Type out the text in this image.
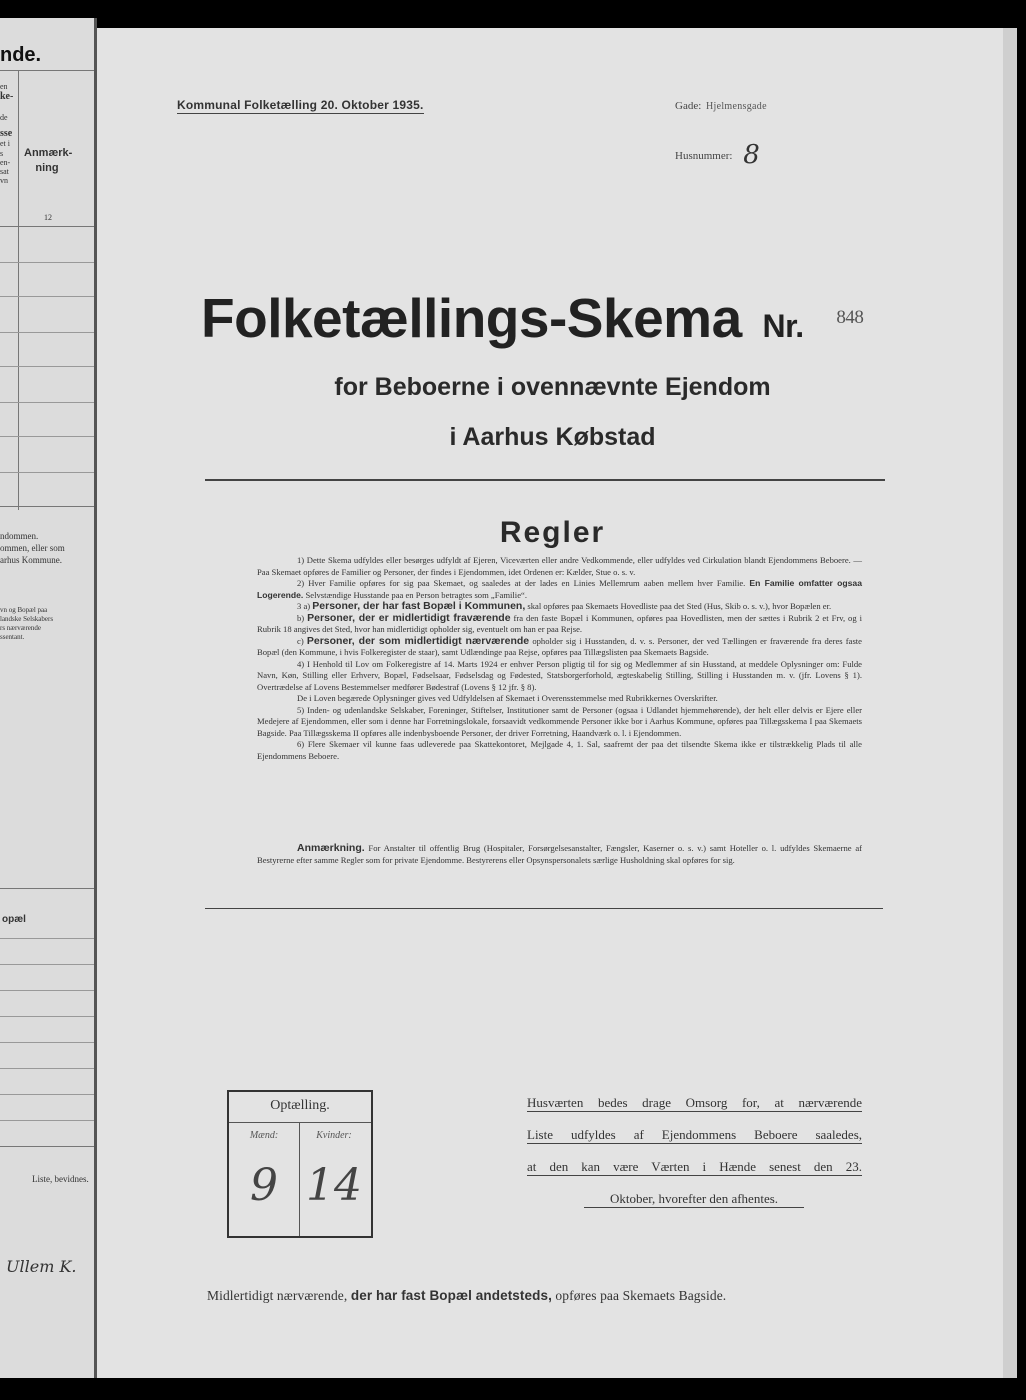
nde.
en
ke-
de
sse
et i
s
en-
sat
vn
Anmærk-ning
12
ndommen.
ommen, eller som
arhus Kommune.
vn og Bopæl paa
landske Selskabers
rs nærværende
ssentant.
opæl
Liste, bevidnes.
Ullem K.
Kommunal Folketælling 20. Oktober 1935.	Gade: Hjelmensgade
Husnummer: 8
Folketællings-Skema Nr. $^{848}$
for Beboerne i ovennævnte Ejendom
i Aarhus Købstad
Regler

1) Dette Skema udfyldes eller besørges udfyldt af Ejeren, Viceværten eller andre Vedkommende, eller udfyldes ved Cirkulation blandt Ejendommens Beboere. — Paa Skemaet opføres de Familier og Personer, der findes i Ejendommen, idet Ordenen er: Kælder, Stue o. s. v.

2) Hver Familie opføres for sig paa Skemaet, og saaledes at der lades en Linies Mellemrum aaben mellem hver Familie. En Familie omfatter ogsaa Logerende. Selvstændige Husstande paa en Person betragtes som „Familie“.

3 a) Personer, der har fast Bopæl i Kommunen, skal opføres paa Skemaets Hovedliste paa det Sted (Hus, Skib o. s. v.), hvor Bopælen er.

b) Personer, der er midlertidigt fraværende fra den faste Bopæl i Kommunen, opføres paa Hovedlisten, men der sættes i Rubrik 2 et Frv, og i Rubrik 18 angives det Sted, hvor han midlertidigt opholder sig, eventuelt om han er paa Rejse.

c) Personer, der som midlertidigt nærværende opholder sig i Husstanden, d. v. s. Personer, der ved Tællingen er fraværende fra deres faste Bopæl (den Kommune, i hvis Folkeregister de staar), samt Udlændinge paa Rejse, opføres paa Tillægslisten paa Skemaets Bagside.

4) I Henhold til Lov om Folkeregistre af 14. Marts 1924 er enhver Person pligtig til for sig og Medlemmer af sin Husstand, at meddele Oplysninger om: Fulde Navn, Køn, Stilling eller Erhverv, Bopæl, Fødselsaar, Fødselsdag og Fødested, Statsborgerforhold, ægteskabelig Stilling, Stilling i Husstanden m. v. (jfr. Lovens § 1). Overtrædelse af Lovens Bestemmelser medfører Bødestraf (Lovens § 12 jfr. § 8).

De i Loven begærede Oplysninger gives ved Udfyldelsen af Skemaet i Overensstemmelse med Rubrikkernes Overskrifter.

5) Inden- og udenlandske Selskaber, Foreninger, Stiftelser, Institutioner samt de Personer (ogsaa i Udlandet hjemmehørende), der helt eller delvis er Ejere eller Medejere af Ejendommen, eller som i denne har Forretningslokale, forsaavidt vedkommende Personer ikke bor i Aarhus Kommune, opføres paa Tillægsskema I paa Skemaets Bagside. Paa Tillægsskema II opføres alle indenbysboende Personer, der driver Forretning, Haandværk o. l. i Ejendommen.

6) Flere Skemaer vil kunne faas udleverede paa Skattekontoret, Mejlgade 4, 1. Sal, saafremt der paa det tilsendte Skema ikke er tilstrækkelig Plads til alle Ejendommens Beboere.

Anmærkning. For Anstalter til offentlig Brug (Hospitaler, Forsørgelsesanstalter, Fængsler, Kaserner o. s. v.) samt Hoteller o. l. udfyldes Skemaerne af Bestyrerne efter samme Regler som for private Ejendomme. Bestyrerens eller Opsynspersonalets særlige Husholdning skal opføres for sig.
Optælling.
Mænd:	Kvinder:
9 14
Husværten bedes drage Omsorg for, at nærværende
Liste udfyldes af Ejendommens Beboere saaledes,
at den kan være Værten i Hænde senest den 23.
Oktober, hvorefter den afhentes.
Midlertidigt nærværende, der har fast Bopæl andetsteds, opføres paa Skemaets Bagside.
